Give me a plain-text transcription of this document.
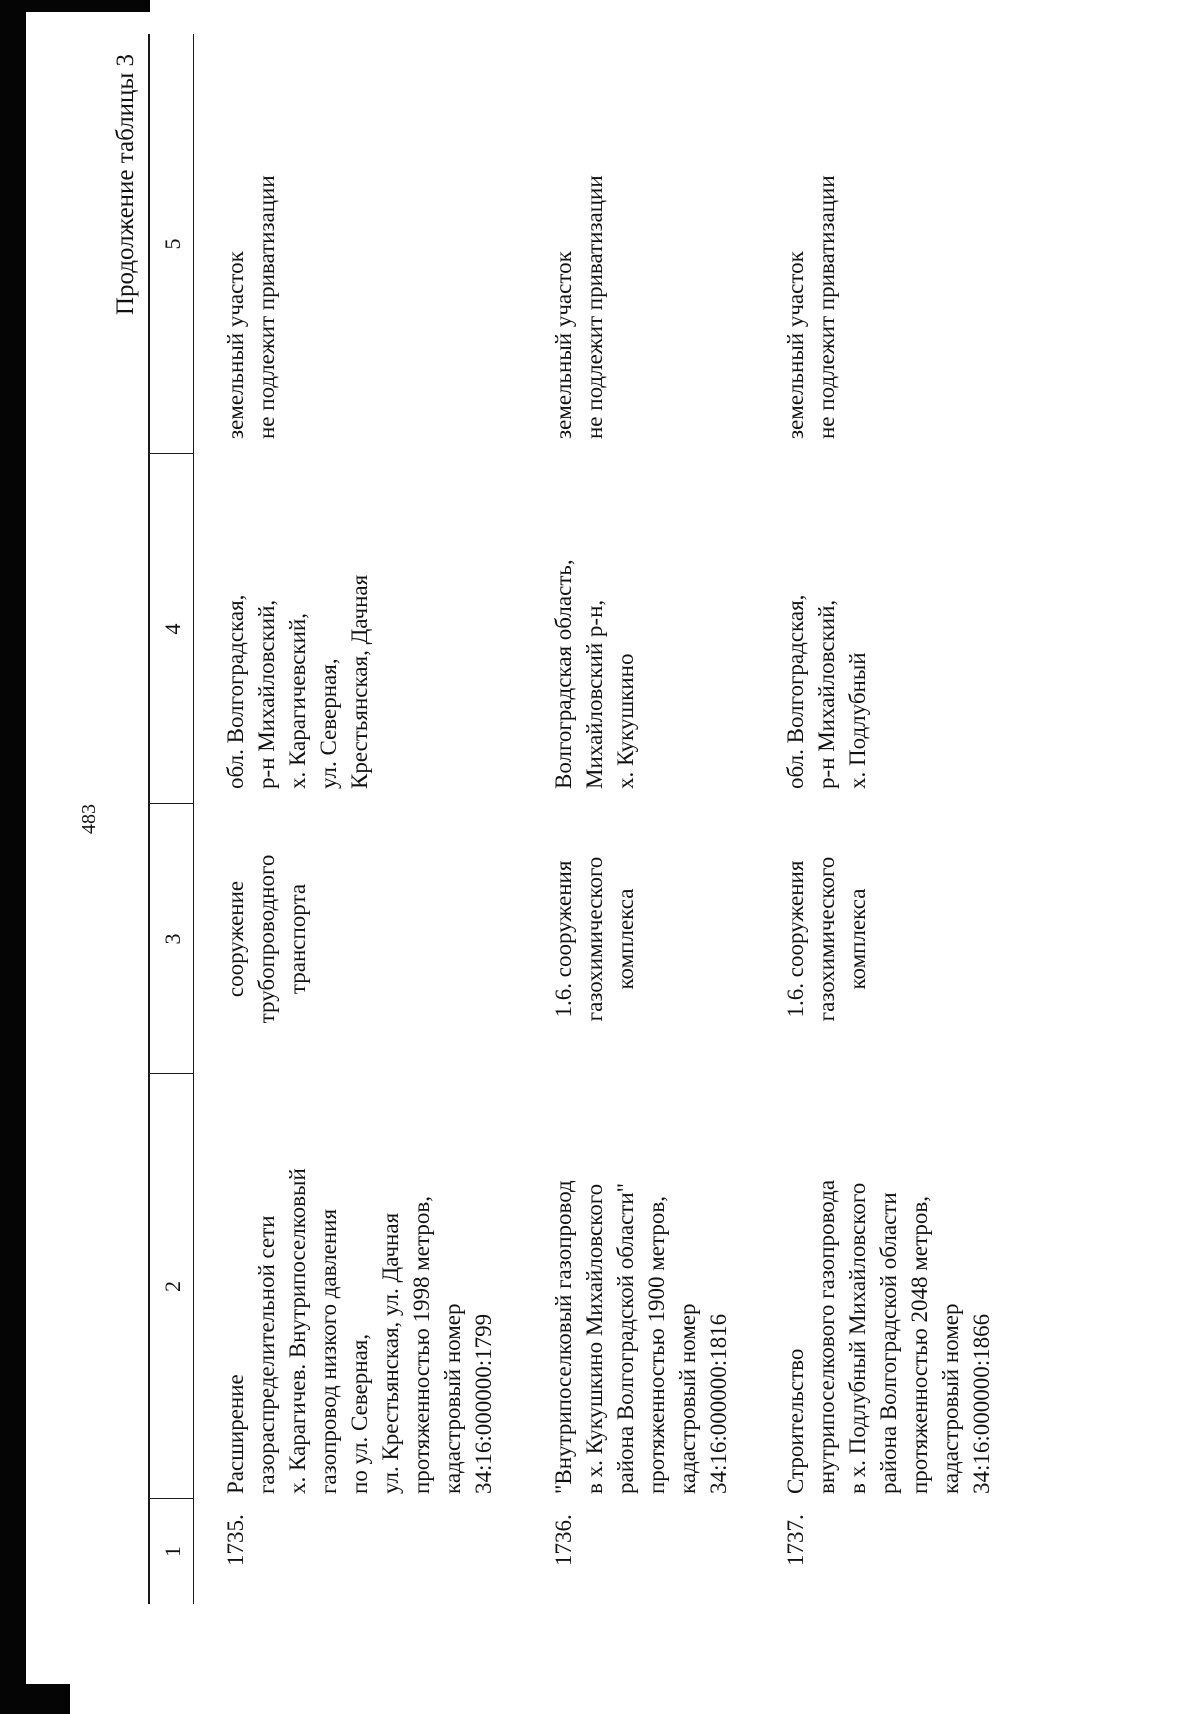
Продолжение таблицы 3
483
1
2
3
4
5
1735.
Расширение
газораспределительной сети
х. Карагичев. Внутрипоселковый
газопровод низкого давления
по ул. Северная,
ул. Крестьянская, ул. Дачная
протяженностью 1998 метров,
кадастровый номер
34:16:000000:1799
сооружение
трубопроводного
транспорта
обл. Волгоградская,
р-н Михайловский,
х. Карагичевский,
ул. Северная,
Крестьянская, Дачная
земельный участок
не подлежит приватизации
1736.
"Внутрипоселковый газопровод
в х. Кукушкино Михайловского
района Волгоградской области"
протяженностью 1900 метров,
кадастровый номер
34:16:000000:1816
1.6. сооружения
газохимического
комплекса
Волгоградская область,
Михайловский р-н,
х. Кукушкино
земельный участок
не подлежит приватизации
1737.
Строительство
внутрипоселкового газопровода
в х. Подлубный Михайловского
района Волгоградской области
протяженностью 2048 метров,
кадастровый номер
34:16:000000:1866
1.6. сооружения
газохимического
комплекса
обл. Волгоградская,
р-н Михайловский,
х. Подлубный
земельный участок
не подлежит приватизации
